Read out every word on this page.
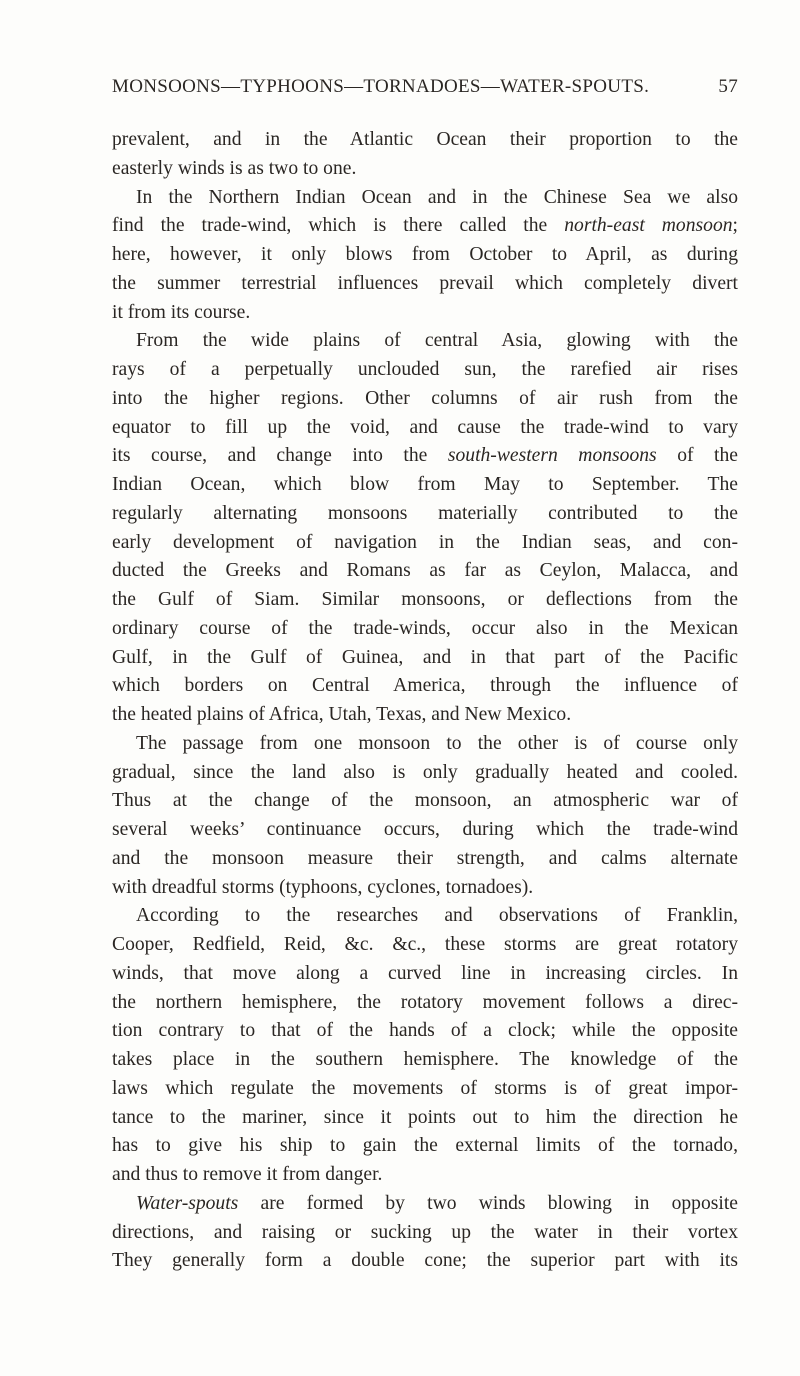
MONSOONS—TYPHOONS—TORNADOES—WATER-SPOUTS.	57
prevalent, and in the Atlantic Ocean their proportion to the
easterly winds is as two to one.
In the Northern Indian Ocean and in the Chinese Sea we also
find the trade-wind, which is there called the north-east monsoon;
here, however, it only blows from October to April, as during
the summer terrestrial influences prevail which completely divert
it from its course.
From the wide plains of central Asia, glowing with the
rays of a perpetually unclouded sun, the rarefied air rises
into the higher regions. Other columns of air rush from the
equator to fill up the void, and cause the trade-wind to vary
its course, and change into the south-western monsoons of the
Indian Ocean, which blow from May to September. The
regularly alternating monsoons materially contributed to the
early development of navigation in the Indian seas, and con-
ducted the Greeks and Romans as far as Ceylon, Malacca, and
the Gulf of Siam. Similar monsoons, or deflections from the
ordinary course of the trade-winds, occur also in the Mexican
Gulf, in the Gulf of Guinea, and in that part of the Pacific
which borders on Central America, through the influence of
the heated plains of Africa, Utah, Texas, and New Mexico.
The passage from one monsoon to the other is of course only
gradual, since the land also is only gradually heated and cooled.
Thus at the change of the monsoon, an atmospheric war of
several weeks’ continuance occurs, during which the trade-wind
and the monsoon measure their strength, and calms alternate
with dreadful storms (typhoons, cyclones, tornadoes).
According to the researches and observations of Franklin,
Cooper, Redfield, Reid, &c. &c., these storms are great rotatory
winds, that move along a curved line in increasing circles. In
the northern hemisphere, the rotatory movement follows a direc-
tion contrary to that of the hands of a clock; while the opposite
takes place in the southern hemisphere. The knowledge of the
laws which regulate the movements of storms is of great impor-
tance to the mariner, since it points out to him the direction he
has to give his ship to gain the external limits of the tornado,
and thus to remove it from danger.
Water-spouts are formed by two winds blowing in opposite
directions, and raising or sucking up the water in their vortex
They generally form a double cone; the superior part with its
